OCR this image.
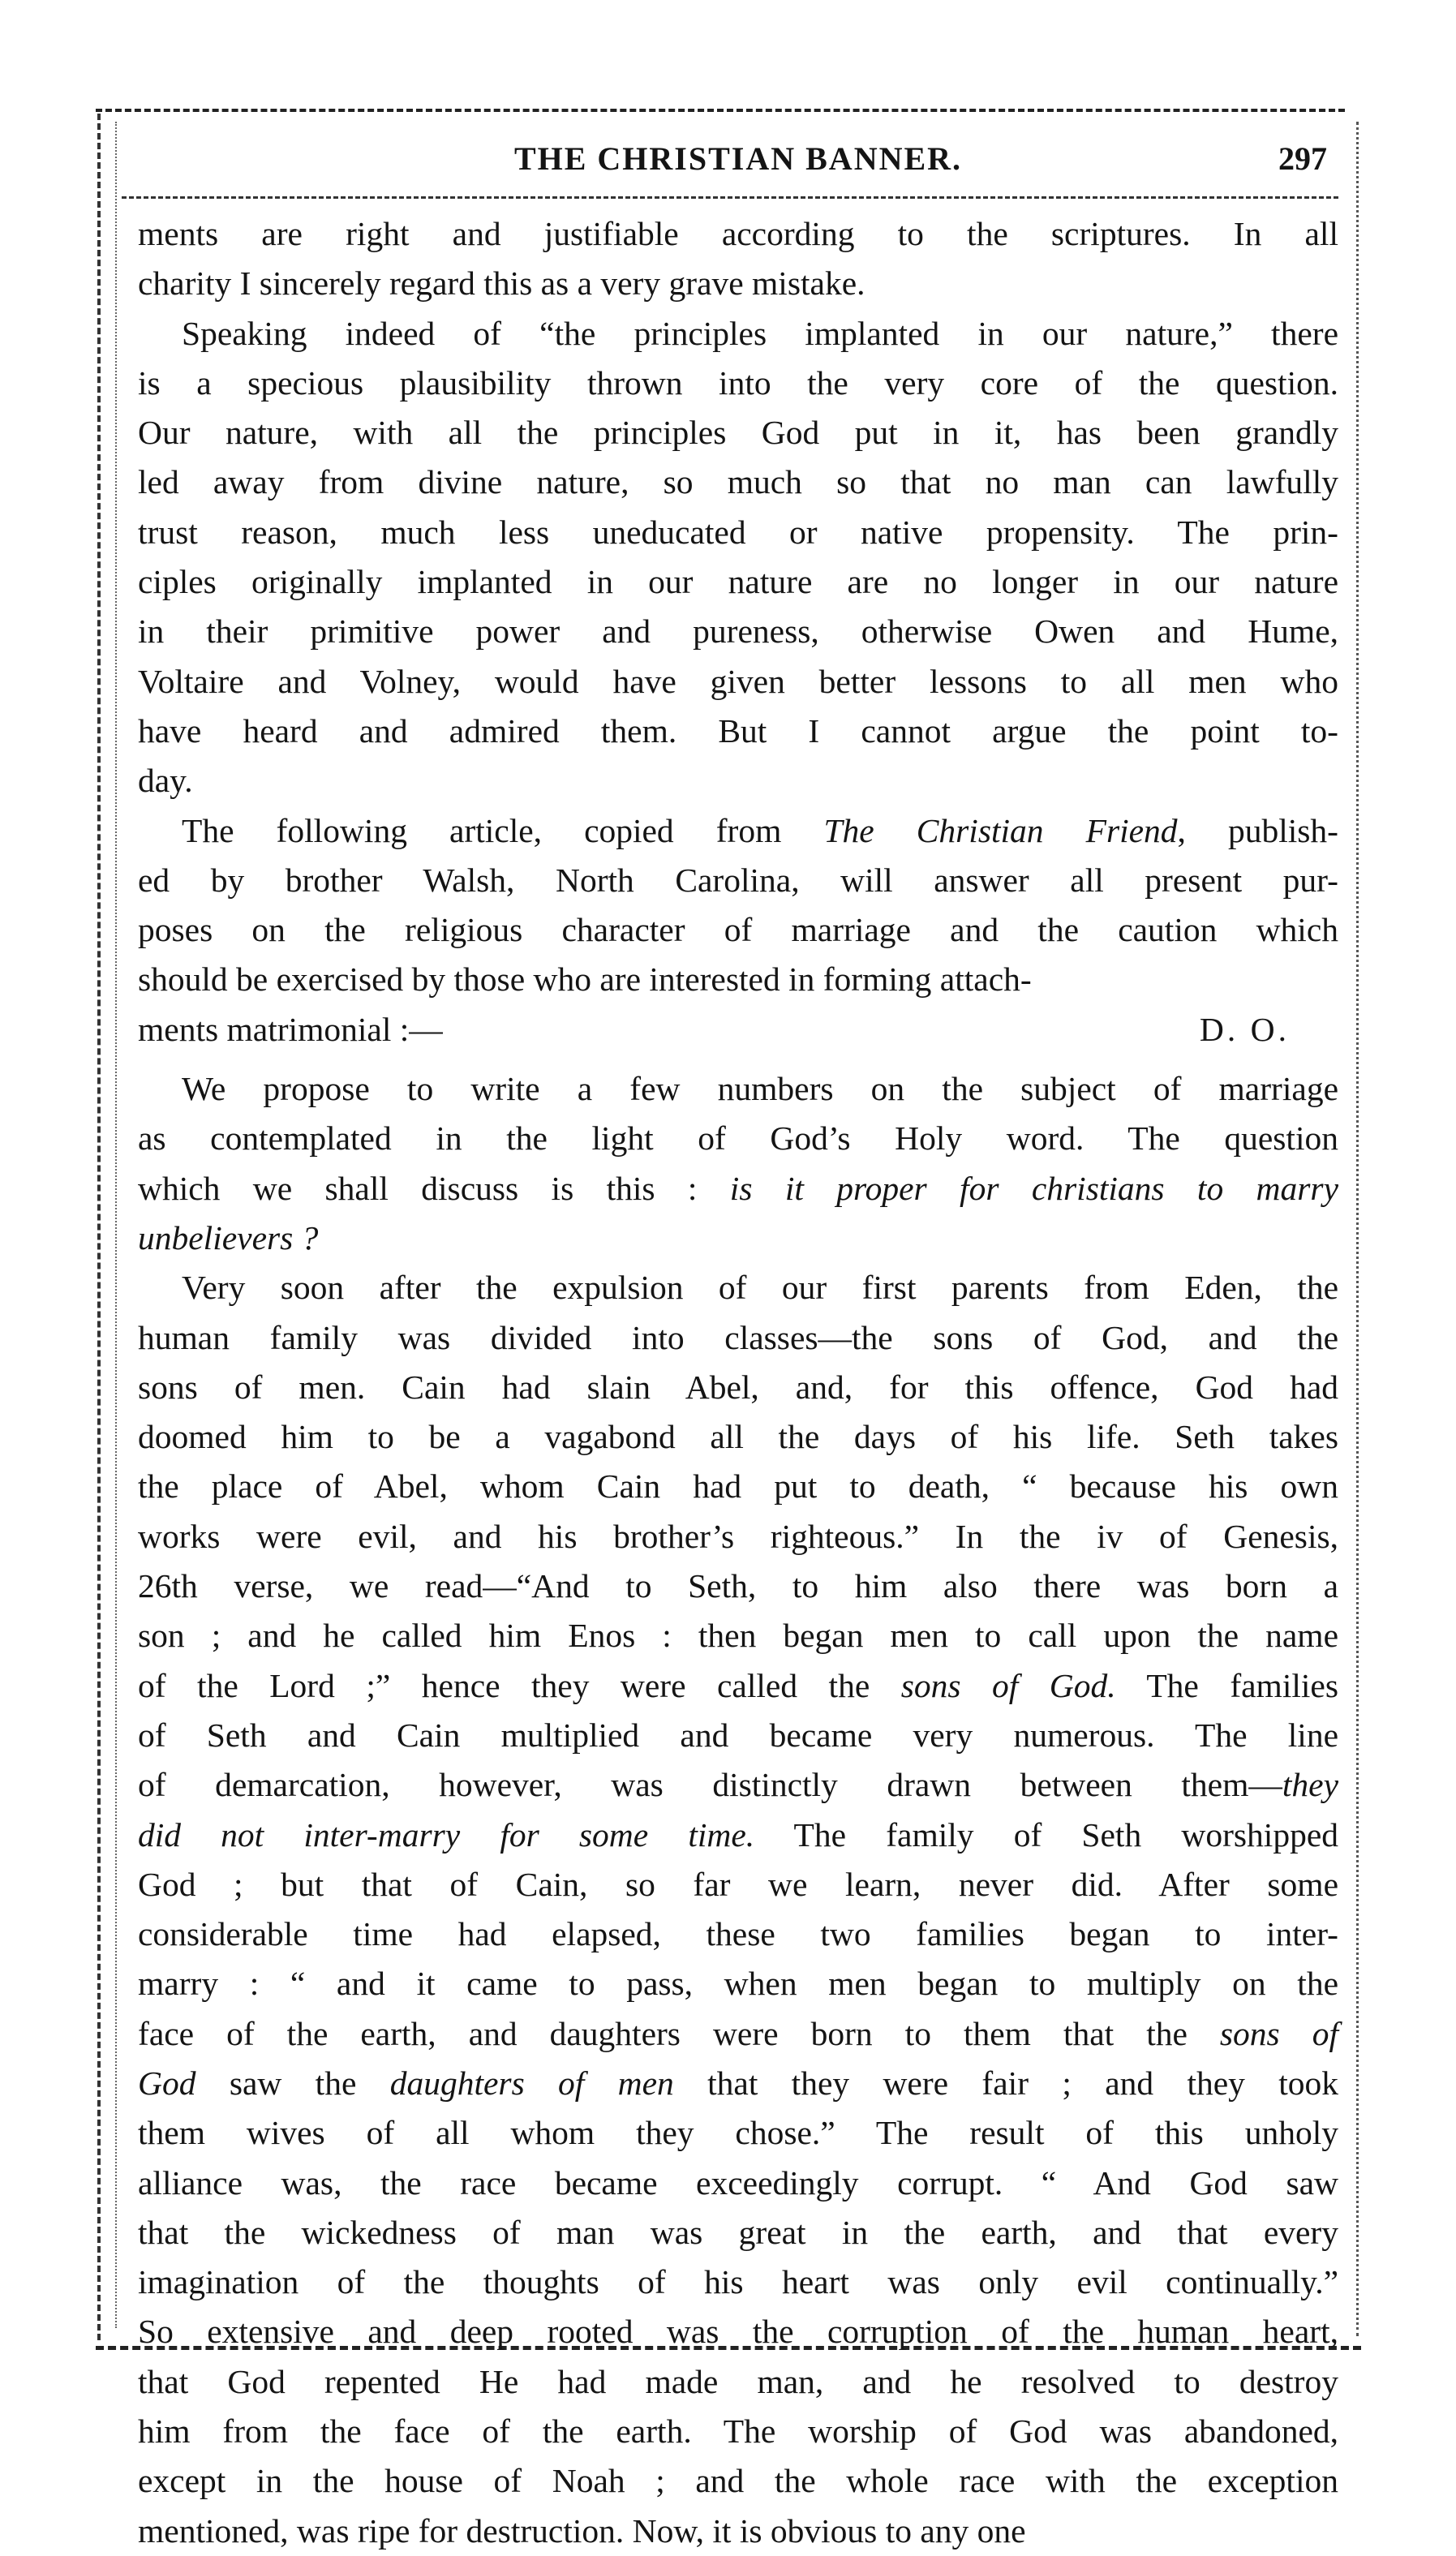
THE CHRISTIAN BANNER.	297
ments are right and justifiable according to the scriptures. In all
charity I sincerely regard this as a very grave mistake.
Speaking indeed of “the principles implanted in our nature,” there
is a specious plausibility thrown into the very core of the question.
Our nature, with all the principles God put in it, has been grandly
led away from divine nature, so much so that no man can lawfully
trust reason, much less uneducated or native propensity. The prin-
ciples originally implanted in our nature are no longer in our nature
in their primitive power and pureness, otherwise Owen and Hume,
Voltaire and Volney, would have given better lessons to all men who
have heard and admired them. But I cannot argue the point to-
day.
The following article, copied from The Christian Friend, publish-
ed by brother Walsh, North Carolina, will answer all present pur-
poses on the religious character of marriage and the caution which
should be exercised by those who are interested in forming attach-
ments matrimonial :—	D. O.
We propose to write a few numbers on the subject of marriage
as contemplated in the light of God’s Holy word. The question
which we shall discuss is this : is it proper for christians to marry
unbelievers ?
Very soon after the expulsion of our first parents from Eden, the
human family was divided into classes—the sons of God, and the
sons of men. Cain had slain Abel, and, for this offence, God had
doomed him to be a vagabond all the days of his life. Seth takes
the place of Abel, whom Cain had put to death, “ because his own
works were evil, and his brother’s righteous.” In the iv of Genesis,
26th verse, we read—“And to Seth, to him also there was born a
son ; and he called him Enos : then began men to call upon the name
of the Lord ;” hence they were called the sons of God. The families
of Seth and Cain multiplied and became very numerous. The line
of demarcation, however, was distinctly drawn between them—they
did not inter-marry for some time. The family of Seth worshipped
God ; but that of Cain, so far we learn, never did. After some
considerable time had elapsed, these two families began to inter-
marry : “ and it came to pass, when men began to multiply on the
face of the earth, and daughters were born to them that the sons of
God saw the daughters of men that they were fair ; and they took
them wives of all whom they chose.” The result of this unholy
alliance was, the race became exceedingly corrupt. “ And God saw
that the wickedness of man was great in the earth, and that every
imagination of the thoughts of his heart was only evil continually.”
So extensive and deep rooted was the corruption of the human heart,
that God repented He had made man, and he resolved to destroy
him from the face of the earth. The worship of God was abandoned,
except in the house of Noah ; and the whole race with the exception
mentioned, was ripe for destruction. Now, it is obvious to any one
